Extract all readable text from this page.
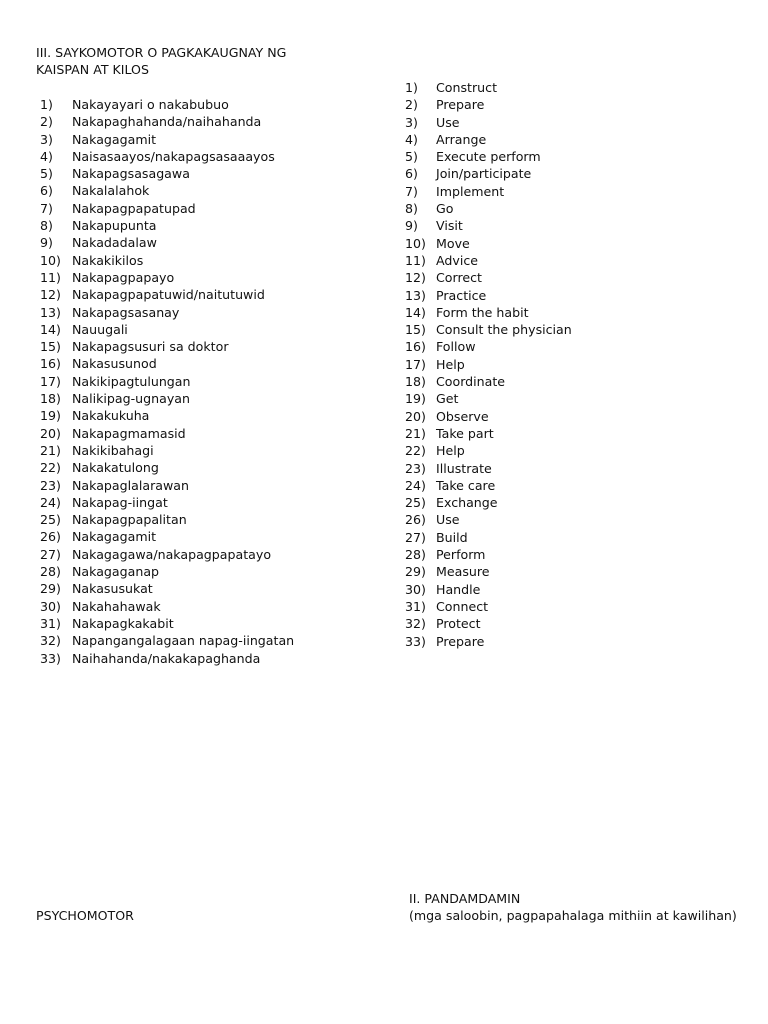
III. SAYKOMOTOR O PAGKAKAUGNAY NG
KAISPAN AT KILOS
1) Nakayayari o nakabubuo
2) Nakapaghahanda/naihahanda
3) Nakagagamit
4) Naisasaayos/nakapagsasaaayos
5) Nakapagsasagawa
6) Nakalalahok
7) Nakapagpapatupad
8) Nakapupunta
9) Nakadadalaw
10) Nakakikilos
11) Nakapagpapayo
12) Nakapagpapatuwid/naitutuwid
13) Nakapagsasanay
14) Nauugali
15) Nakapagsusuri sa doktor
16) Nakasusunod
17) Nakikipagtulungan
18) Nalikipag-ugnayan
19) Nakakukuha
20) Nakapagmamasid
21) Nakikibahagi
22) Nakakatulong
23) Nakapaglalarawan
24) Nakapag-iingat
25) Nakapagpapalitan
26) Nakagagamit
27) Nakagagawa/nakapagpapatayo
28) Nakagaganap
29) Nakasusukat
30) Nakahahawak
31) Nakapagkakabit
32) Napangangalagaan napag-iingatan
33) Naihahanda/nakakapaghanda
1) Construct
2) Prepare
3) Use
4) Arrange
5) Execute perform
6) Join/participate
7) Implement
8) Go
9) Visit
10) Move
11) Advice
12) Correct
13) Practice
14) Form the habit
15) Consult the physician
16) Follow
17) Help
18) Coordinate
19) Get
20) Observe
21) Take part
22) Help
23) Illustrate
24) Take care
25) Exchange
26) Use
27) Build
28) Perform
29) Measure
30) Handle
31) Connect
32) Protect
33) Prepare
PSYCHOMOTOR
II. PANDAMDAMIN
(mga saloobin, pagpapahalaga mithiin at kawilihan)
